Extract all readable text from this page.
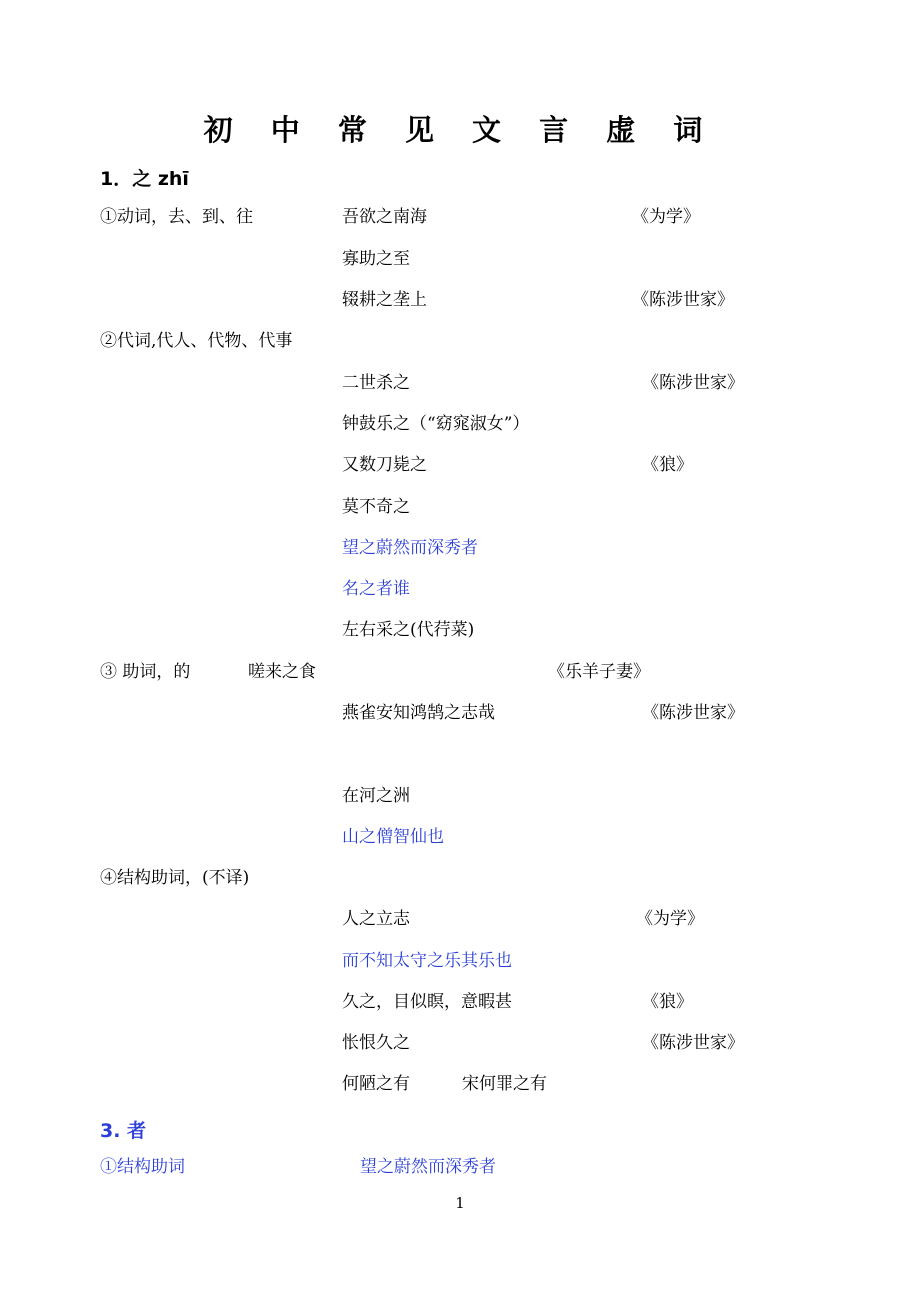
初 中 常 见 文 言 虚 词
1．之 zhī
①动词，去、到、往	吾欲之南海	《为学》
寡助之至
辍耕之垄上	《陈涉世家》
②代词,代人、代物、代事
二世杀之	《陈涉世家》
钟鼓乐之（“窈窕淑女”）
又数刀毙之	《狼》
莫不奇之
望之蔚然而深秀者
名之者谁
左右采之(代荇菜)
③ 助词，的	嗟来之食	《乐羊子妻》
燕雀安知鸿鹄之志哉	《陈涉世家》
在河之洲
山之僧智仙也
④结构助词，(不译)
人之立志	《为学》
而不知太守之乐其乐也
久之，目似瞑，意暇甚	《狼》
怅恨久之	《陈涉世家》
何陋之有	宋何罪之有
3. 者
①结构助词	望之蔚然而深秀者
1
